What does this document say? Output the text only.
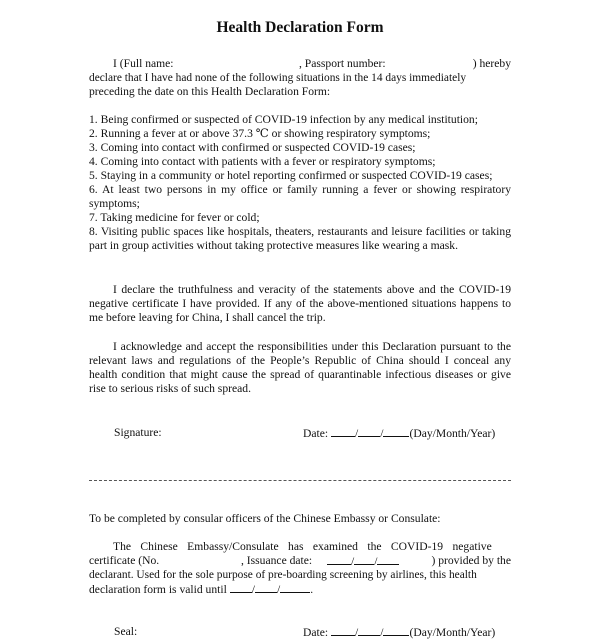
Health Declaration Form
I (Full name:	, Passport number:	) hereby
declare that I have had none of the following situations in the 14 days immediately
preceding the date on this Health Declaration Form:
1. Being confirmed or suspected of COVID-19 infection by any medical institution;
2. Running a fever at or above 37.3 ℃ or showing respiratory symptoms;
3. Coming into contact with confirmed or suspected COVID-19 cases;
4. Coming into contact with patients with a fever or respiratory symptoms;
5. Staying in a community or hotel reporting confirmed or suspected COVID-19 cases;
6. At least two persons in my office or family running a fever or showing respiratory symptoms;
7. Taking medicine for fever or cold;
8. Visiting public spaces like hospitals, theaters, restaurants and leisure facilities or taking part in group activities without taking protective measures like wearing a mask.
I declare the truthfulness and veracity of the statements above and the COVID-19 negative certificate I have provided. If any of the above-mentioned situations happens to me before leaving for China, I shall cancel the trip.
I acknowledge and accept the responsibilities under this Declaration pursuant to the relevant laws and regulations of the People’s Republic of China should I conceal any health condition that might cause the spread of quarantinable infectious diseases or give rise to serious risks of such spread.
Signature:	Date: / / (Day/Month/Year)
To be completed by consular officers of the Chinese Embassy or Consulate:
The Chinese Embassy/Consulate has examined the COVID-19 negative
certificate (No.	, Issuance date:	/ /	) provided by the
declarant. Used for the sole purpose of pre-boarding screening by airlines, this health
declaration form is valid until / /	.
Seal:	Date: / / (Day/Month/Year)
